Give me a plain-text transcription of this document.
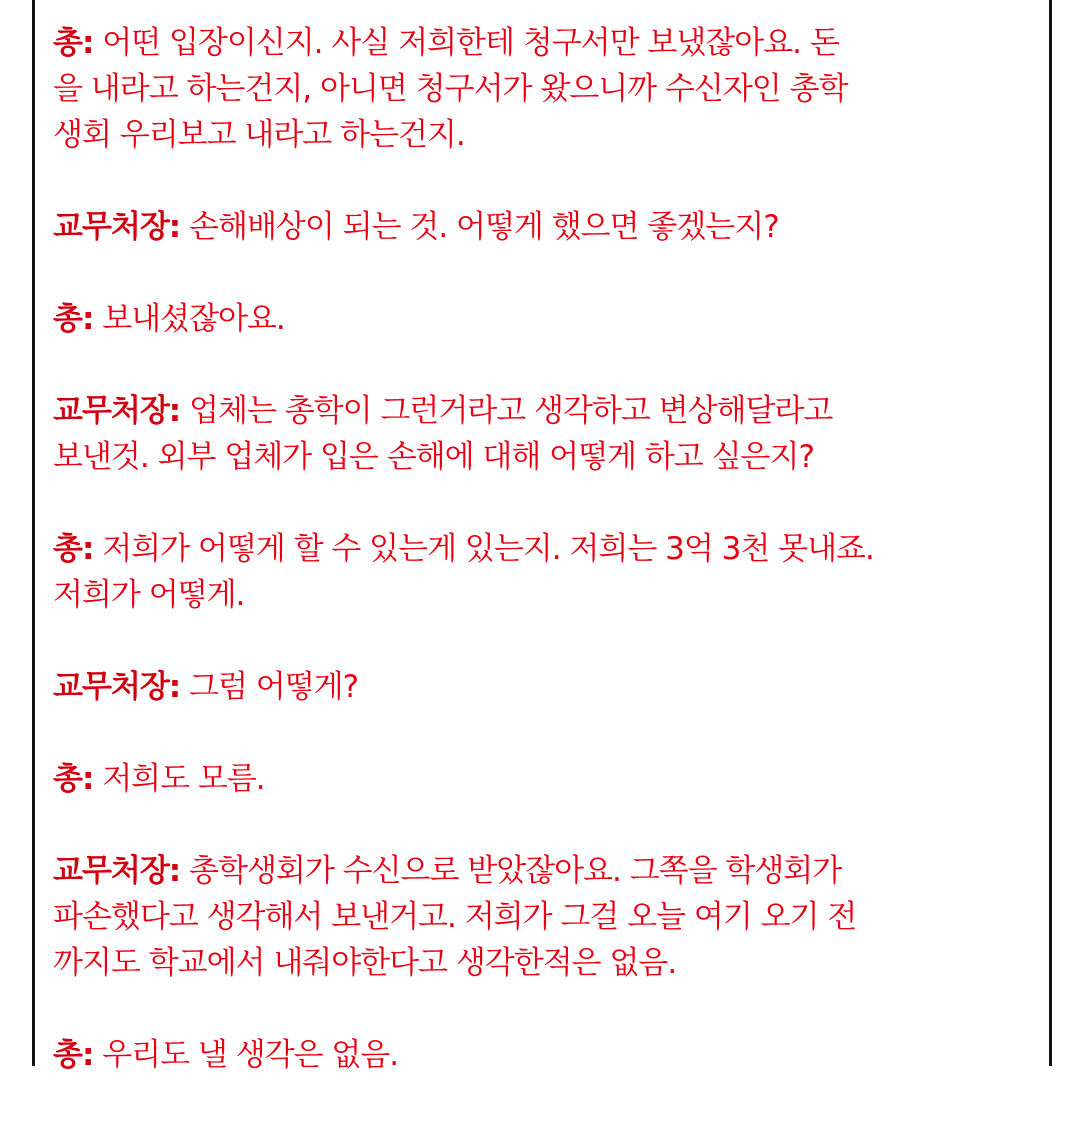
총: 어떤 입장이신지. 사실 저희한테 청구서만 보냈잖아요. 돈
을 내라고 하는건지, 아니면 청구서가 왔으니까 수신자인 총학
생회 우리보고 내라고 하는건지.
교무처장: 손해배상이 되는 것. 어떻게 했으면 좋겠는지?
총: 보내셨잖아요.
교무처장: 업체는 총학이 그런거라고 생각하고 변상해달라고
보낸것. 외부 업체가 입은 손해에 대해 어떻게 하고 싶은지?
총: 저희가 어떻게 할 수 있는게 있는지. 저희는 3억 3천 못내죠.
저희가 어떻게.
교무처장: 그럼 어떻게?
총: 저희도 모름.
교무처장: 총학생회가 수신으로 받았잖아요. 그쪽을 학생회가
파손했다고 생각해서 보낸거고. 저희가 그걸 오늘 여기 오기 전
까지도 학교에서 내줘야한다고 생각한적은 없음.
총: 우리도 낼 생각은 없음.
